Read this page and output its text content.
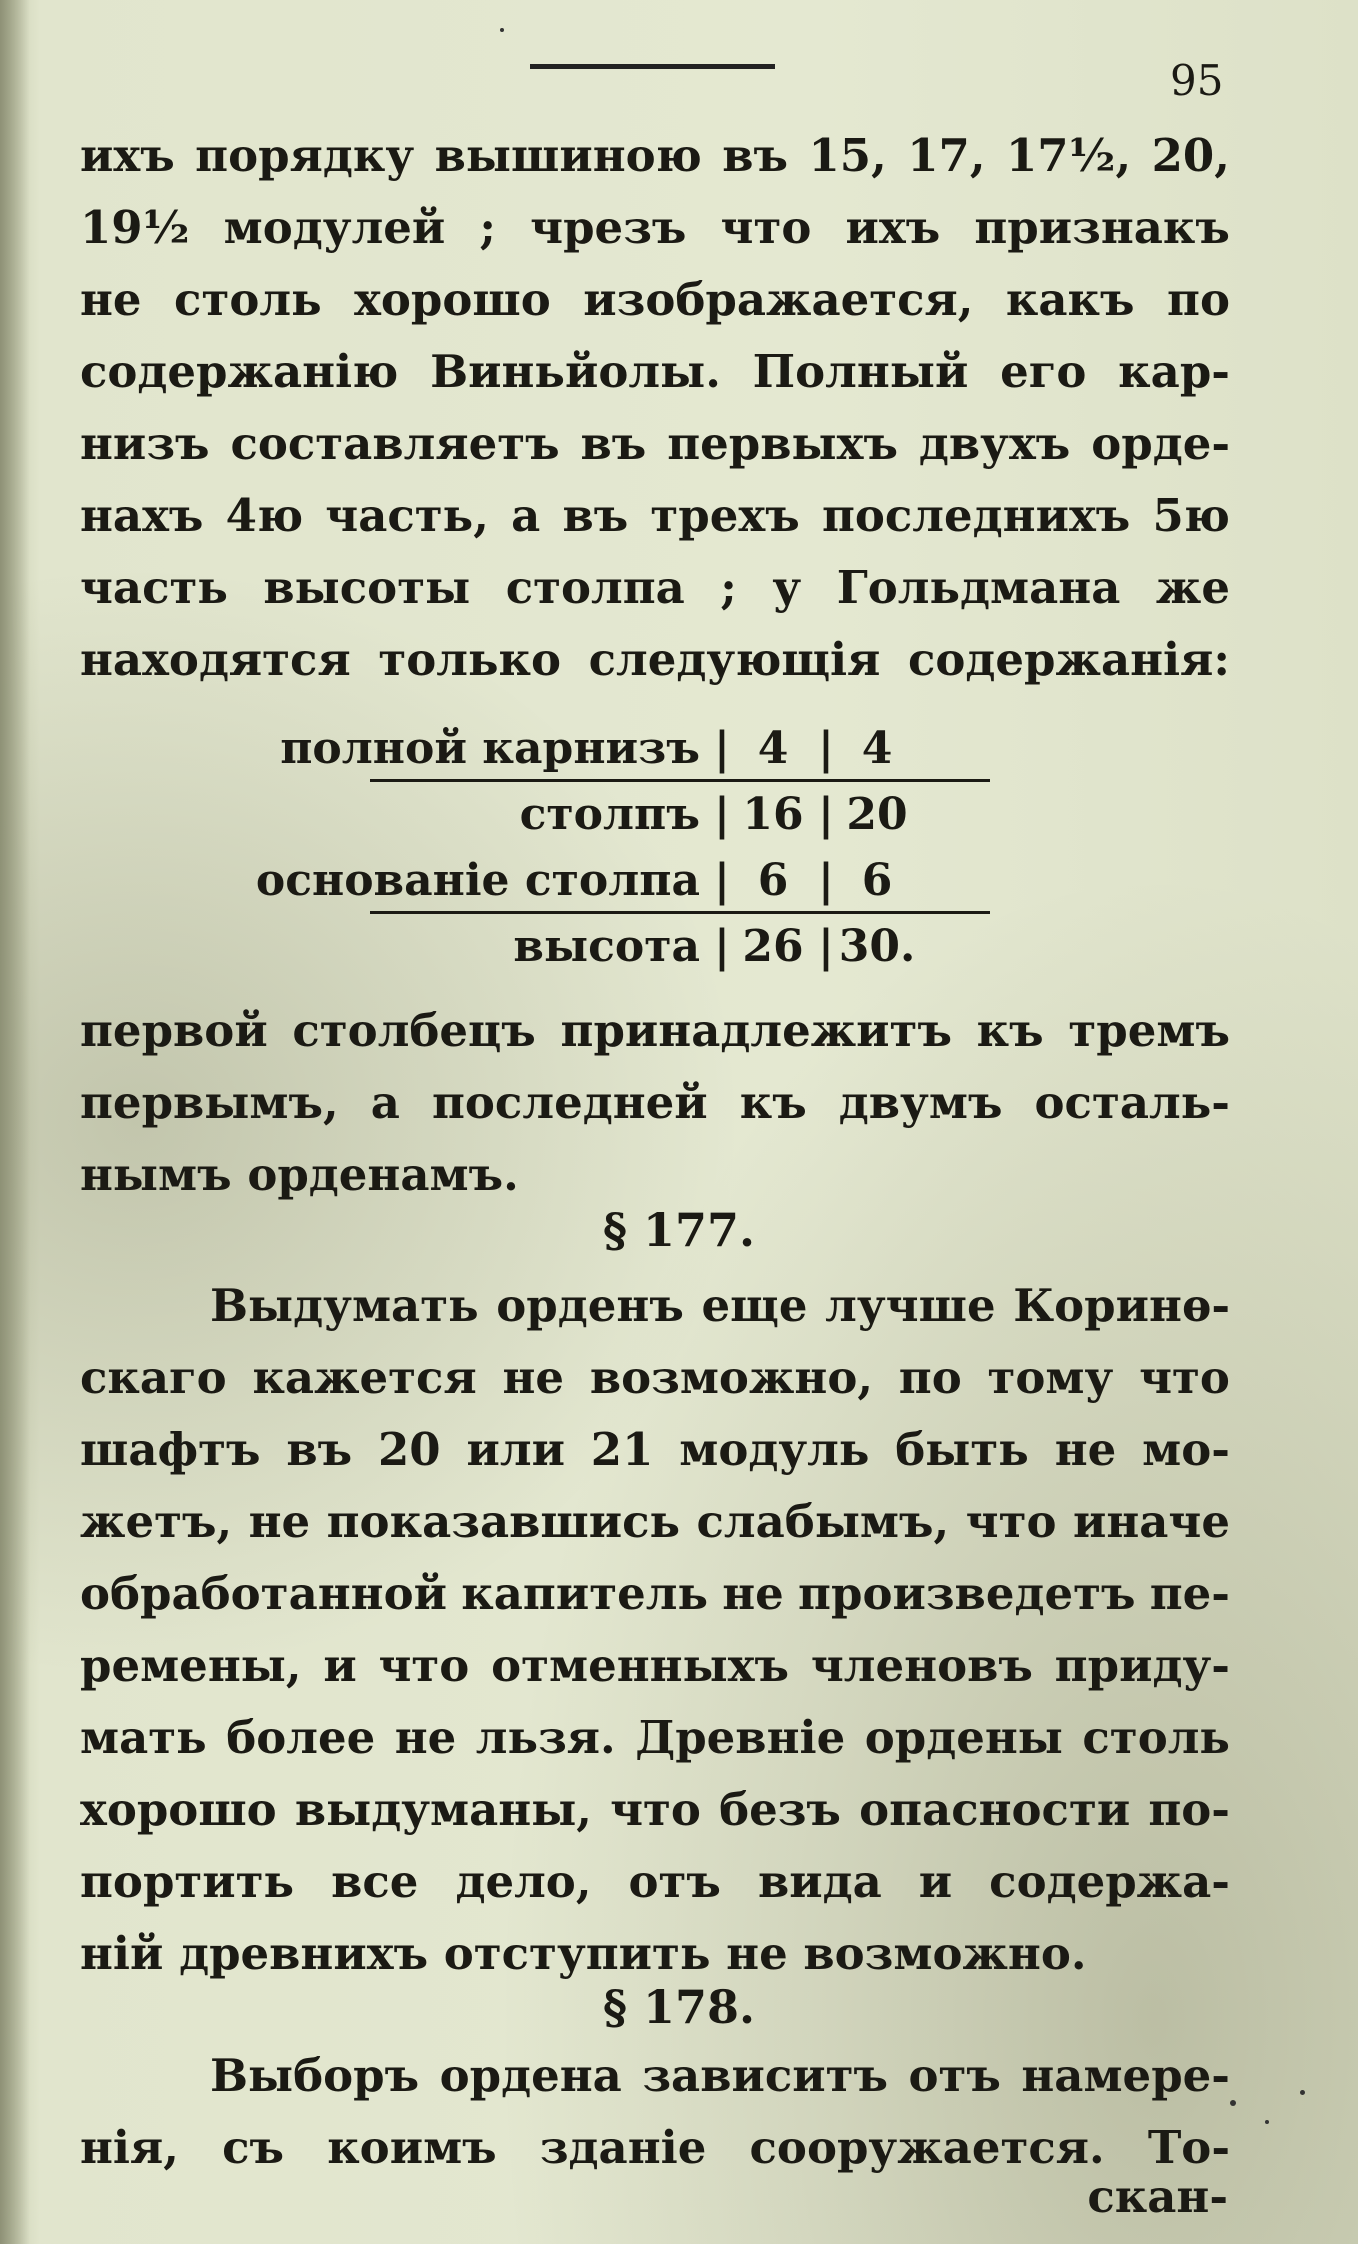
95
ихъ порядку вышиною въ 15, 17, 17½, 20,
19½ модулей ; чрезъ что ихъ признакъ
не столь хорошо изображается, какъ по
содержанію Виньйолы. Полный его кар-
низъ составляетъ въ первыхъ двухъ орде-
нахъ 4ю часть, а въ трехъ последнихъ 5ю
часть высоты столпа ; у Гольдмана же
находятся только следующія содержанія:
полной карнизъ | 4 | 4
столпъ | 16 | 20
основаніе столпа | 6 | 6
высота | 26 | 30.
первой столбецъ принадлежитъ къ тремъ
первымъ, а последней къ двумъ осталь-
нымъ орденамъ.
§ 177.
Выдумать орденъ еще лучше Коринѳ-
скаго кажется не возможно, по тому что
шафтъ въ 20 или 21 модуль быть не мо-
жетъ, не показавшись слабымъ, что иначе
обработанной капитель не произведетъ пе-
ремены, и что отменныхъ членовъ приду-
мать более не льзя. Древніе ордены столь
хорошо выдуманы, что безъ опасности по-
портить все дело, отъ вида и содержа-
ній древнихъ отступить не возможно.
§ 178.
Выборъ ордена зависитъ отъ намере-
нія, съ коимъ зданіе сооружается. То-
скан-
